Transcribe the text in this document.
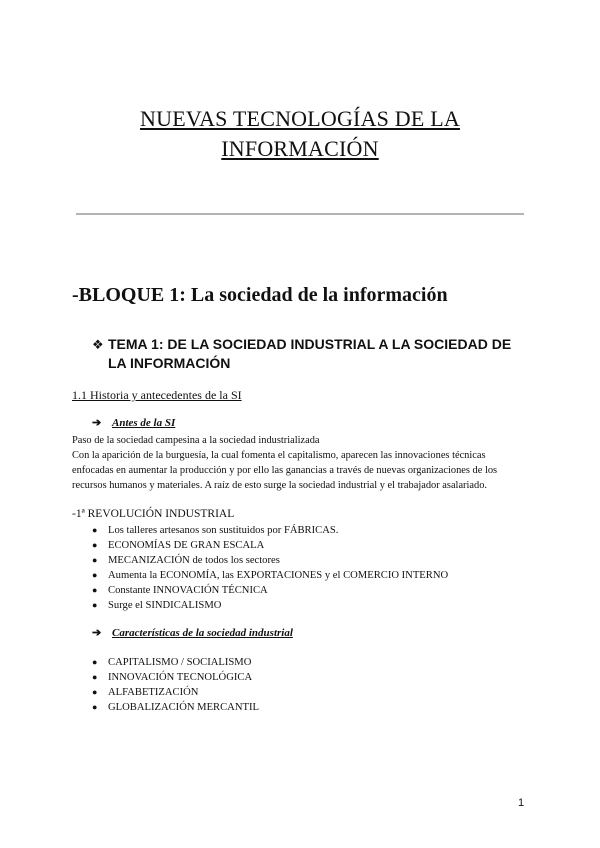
NUEVAS TECNOLOGÍAS DE LA
INFORMACIÓN
-BLOQUE 1: La sociedad de la información
❖ TEMA 1: DE LA SOCIEDAD INDUSTRIAL A LA SOCIEDAD DE
LA INFORMACIÓN
1.1 Historia y antecedentes de la SI
➔ Antes de la SI
Paso de la sociedad campesina a la sociedad industrializada
Con la aparición de la burguesía, la cual fomenta el capitalismo, aparecen las innovaciones técnicas
enfocadas en aumentar la producción y por ello las ganancias a través de nuevas organizaciones de los
recursos humanos y materiales. A raíz de esto surge la sociedad industrial y el trabajador asalariado.
-1ª REVOLUCIÓN INDUSTRIAL
● Los talleres artesanos son sustituidos por FÁBRICAS.
● ECONOMÍAS DE GRAN ESCALA
● MECANIZACIÓN de todos los sectores
● Aumenta la ECONOMÍA, las EXPORTACIONES y el COMERCIO INTERNO
● Constante INNOVACIÓN TÉCNICA
● Surge el SINDICALISMO
➔ Características de la sociedad industrial
● CAPITALISMO / SOCIALISMO
● INNOVACIÓN TECNOLÓGICA
● ALFABETIZACIÓN
● GLOBALIZACIÓN MERCANTIL
1
